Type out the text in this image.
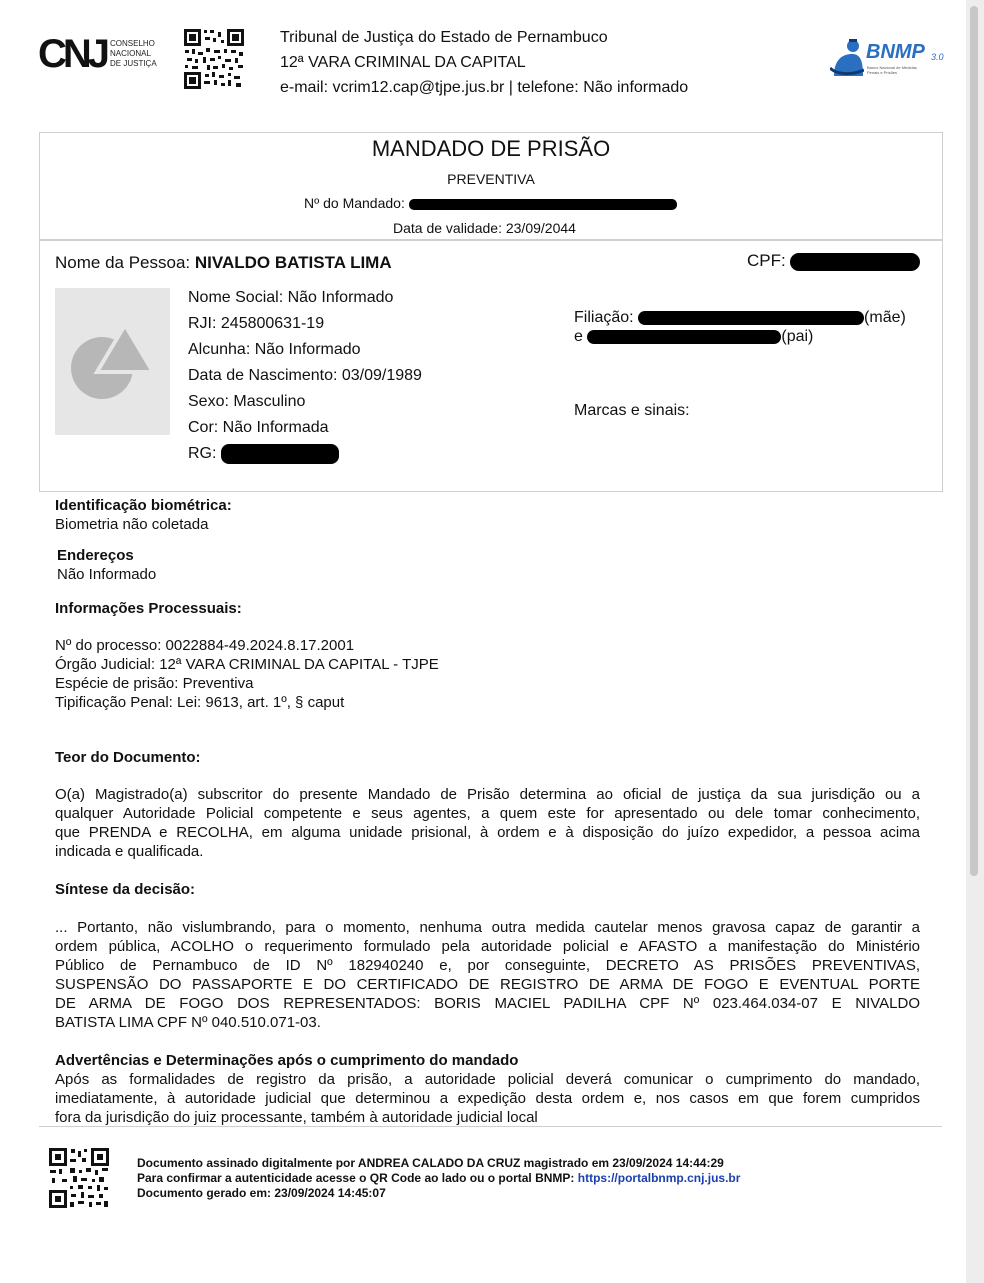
CNJ CONSELHO
NACIONAL
DE JUSTIÇA
Tribunal de Justiça do Estado de Pernambuco
12ª VARA CRIMINAL DA CAPITAL
e-mail: vcrim12.cap@tjpe.jus.br | telefone: Não informado
BNMP 3.0
Banco Nacional de Medidas Penais e Prisões
MANDADO DE PRISÃO
PREVENTIVA
Nº do Mandado:
Data de validade: 23/09/2044
Nome da Pessoa: NIVALDO BATISTA LIMA	CPF:
Nome Social: Não Informado
RJI: 245800631-19
Alcunha: Não Informado
Data de Nascimento: 03/09/1989
Sexo: Masculino
Cor: Não Informada
RG:
Filiação:	(mãe)
e	(pai)
Marcas e sinais:
Identificação biométrica:
Biometria não coletada
Endereços
Não Informado
Informações Processuais:
Nº do processo: 0022884-49.2024.8.17.2001
Órgão Judicial: 12ª VARA CRIMINAL DA CAPITAL - TJPE
Espécie de prisão: Preventiva
Tipificação Penal: Lei: 9613, art. 1º, § caput
Teor do Documento:
O(a) Magistrado(a) subscritor do presente Mandado de Prisão determina ao oficial de justiça da sua jurisdição ou a
qualquer Autoridade Policial competente e seus agentes, a quem este for apresentado ou dele tomar conhecimento,
que PRENDA e RECOLHA, em alguma unidade prisional, à ordem e à disposição do juízo expedidor, a pessoa acima
indicada e qualificada.
Síntese da decisão:
... Portanto, não vislumbrando, para o momento, nenhuma outra medida cautelar menos gravosa capaz de garantir a
ordem pública, ACOLHO o requerimento formulado pela autoridade policial e AFASTO a manifestação do Ministério
Público de Pernambuco de ID Nº 182940240 e, por conseguinte, DECRETO AS PRISÕES PREVENTIVAS,
SUSPENSÃO DO PASSAPORTE E DO CERTIFICADO DE REGISTRO DE ARMA DE FOGO E EVENTUAL PORTE
DE ARMA DE FOGO DOS REPRESENTADOS: BORIS MACIEL PADILHA CPF Nº 023.464.034-07 E NIVALDO
BATISTA LIMA CPF Nº 040.510.071-03.
Advertências e Determinações após o cumprimento do mandado
Após as formalidades de registro da prisão, a autoridade policial deverá comunicar o cumprimento do mandado,
imediatamente, à autoridade judicial que determinou a expedição desta ordem e, nos casos em que forem cumpridos
fora da jurisdição do juiz processante, também à autoridade judicial local
Documento assinado digitalmente por ANDREA CALADO DA CRUZ magistrado em 23/09/2024 14:44:29
Para confirmar a autenticidade acesse o QR Code ao lado ou o portal BNMP: https://portalbnmp.cnj.jus.br
Documento gerado em: 23/09/2024 14:45:07
